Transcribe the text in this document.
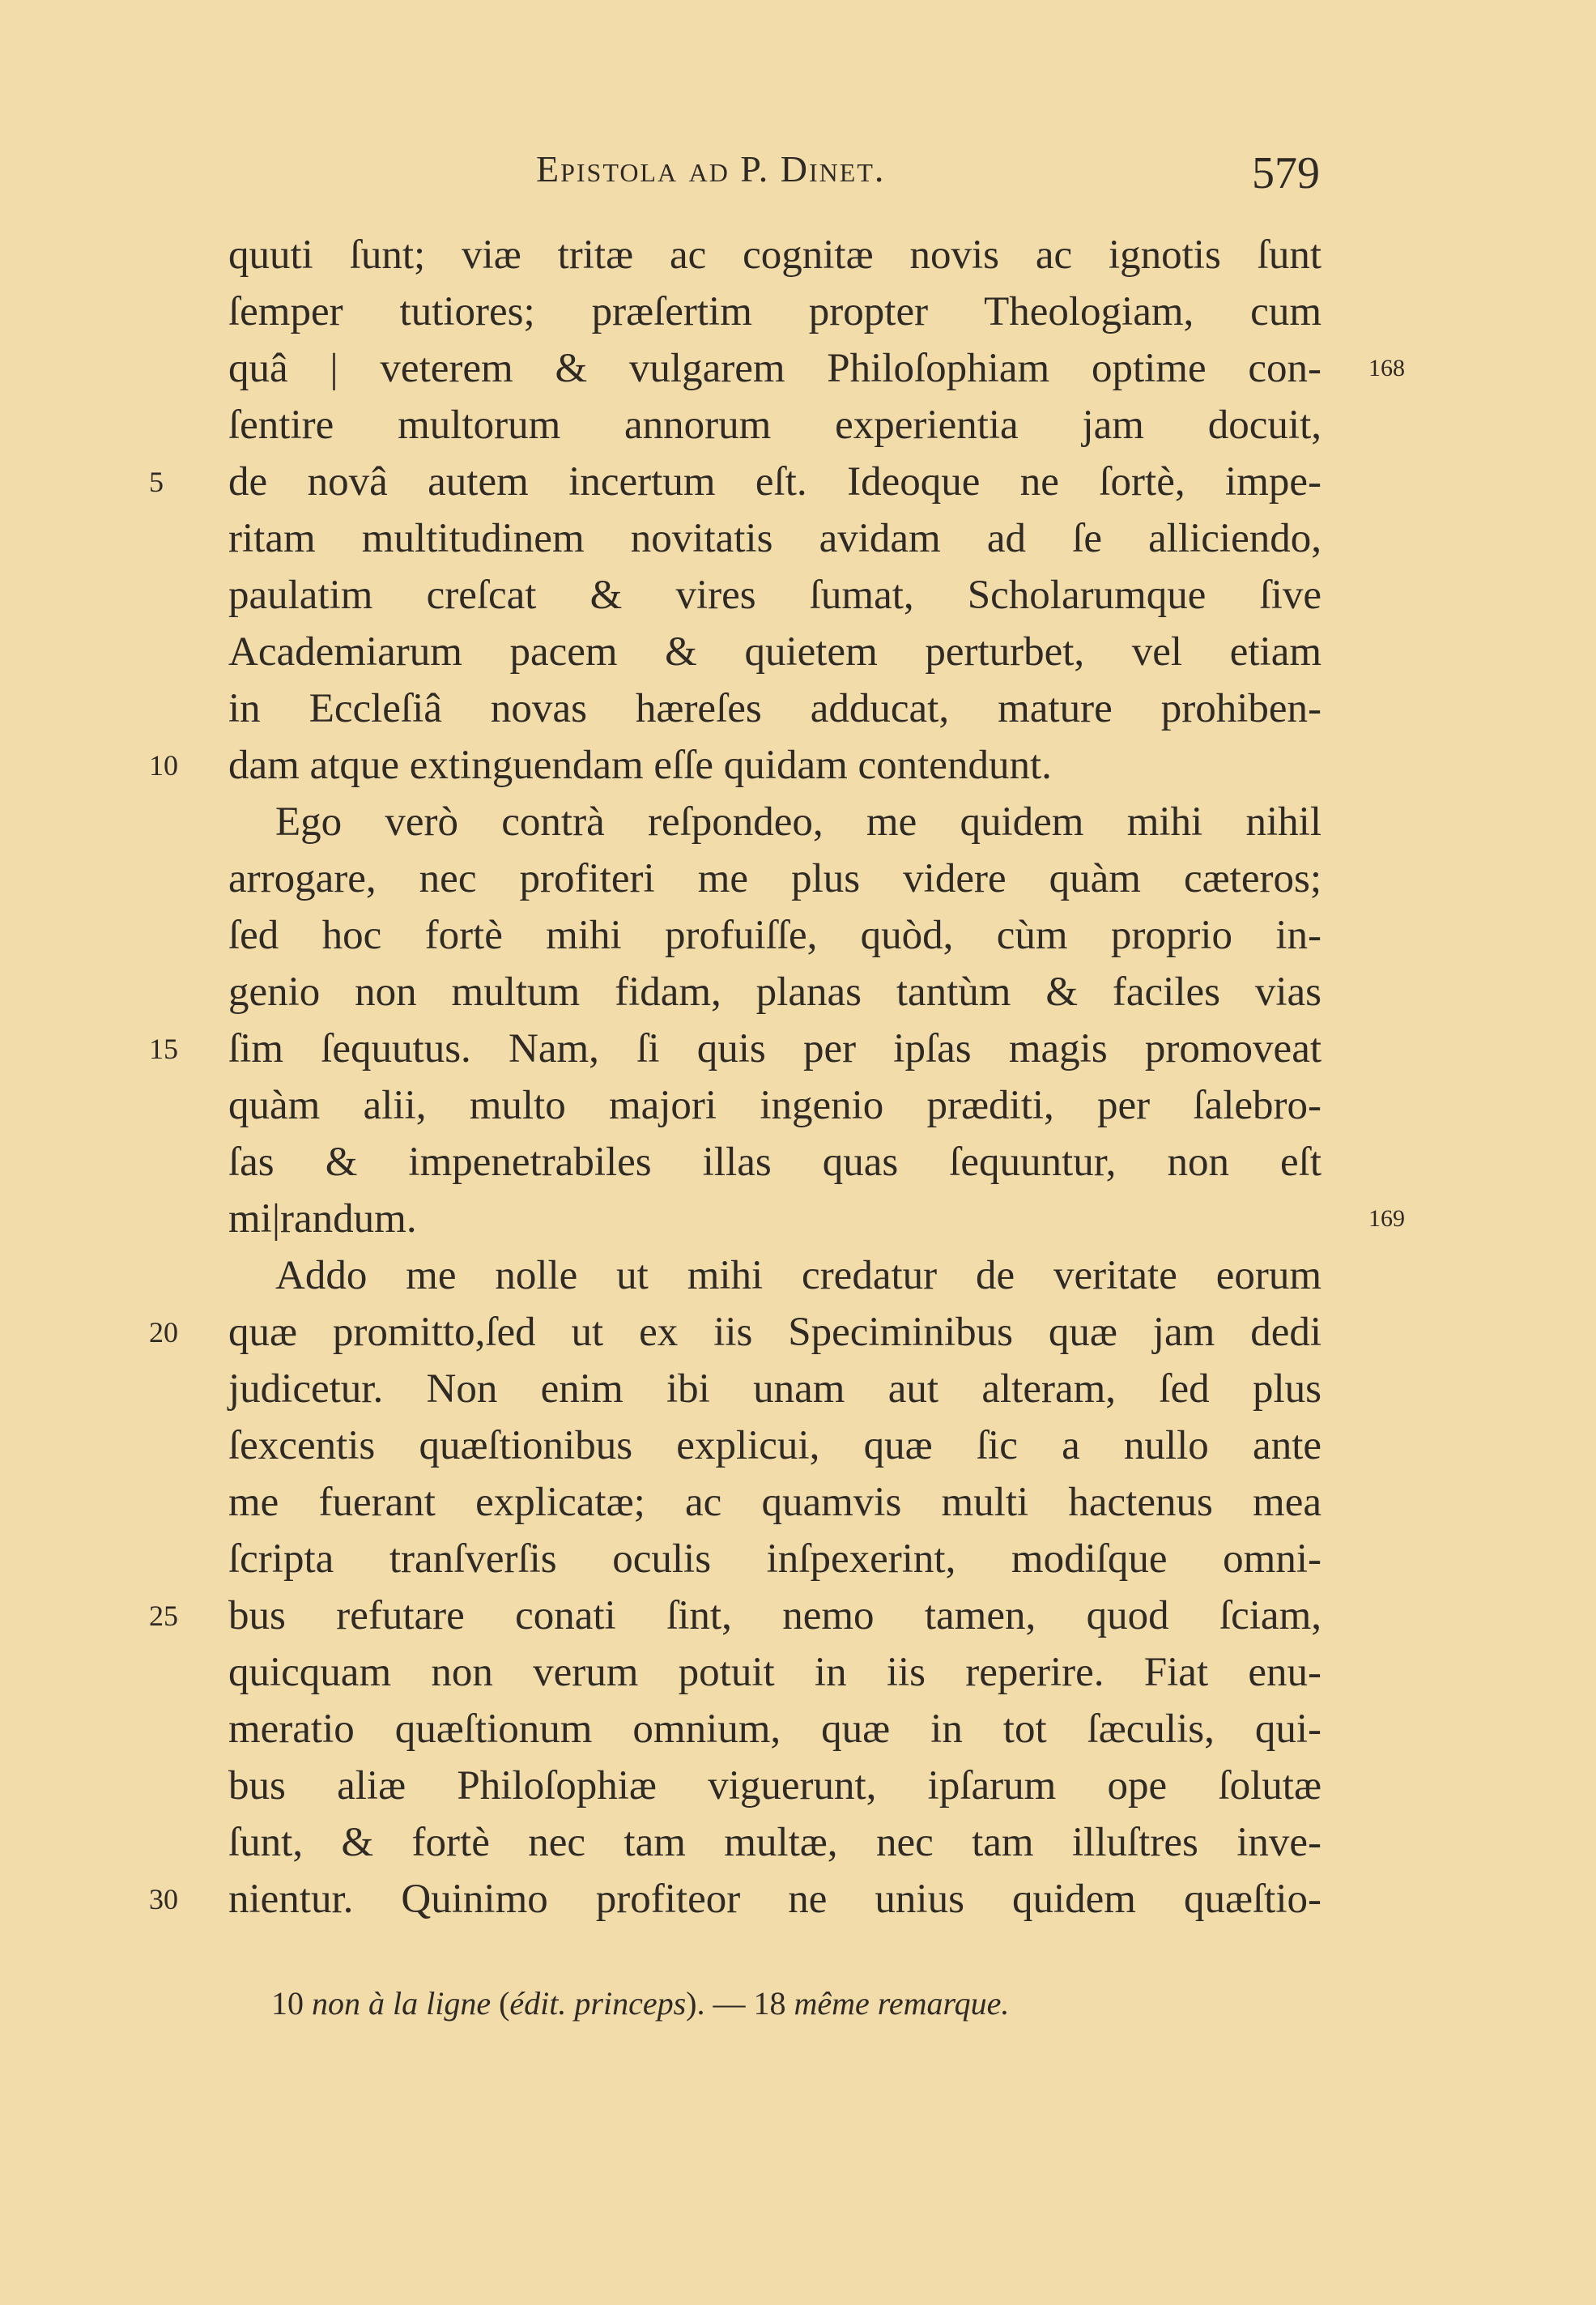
Epistola ad P. Dinet.	579
quuti ſunt; viæ tritæ ac cognitæ novis ac ignotis ſunt
ſemper tutiores; præſertim propter Theologiam, cum
quâ | veterem & vulgarem Philoſophiam optime con-
ſentire multorum annorum experientia jam docuit,
de novâ autem incertum eſt. Ideoque ne ſortè, impe-
ritam multitudinem novitatis avidam ad ſe alliciendo,
paulatim creſcat & vires ſumat, Scholarumque ſive
Academiarum pacem & quietem perturbet, vel etiam
in Eccleſiâ novas hæreſes adducat, mature prohiben-
dam atque extinguendam eſſe quidam contendunt.
Ego verò contrà reſpondeo, me quidem mihi nihil
arrogare, nec profiteri me plus videre quàm cæteros;
ſed hoc fortè mihi profuiſſe, quòd, cùm proprio in-
genio non multum fidam, planas tantùm & faciles vias
ſim ſequutus. Nam, ſi quis per ipſas magis promoveat
quàm alii, multo majori ingenio præditi, per ſalebro-
ſas & impenetrabiles illas quas ſequuntur, non eſt
mi|randum.
Addo me nolle ut mihi credatur de veritate eorum
quæ promitto,ſed ut ex iis Speciminibus quæ jam dedi
judicetur. Non enim ibi unam aut alteram, ſed plus
ſexcentis quæſtionibus explicui, quæ ſic a nullo ante
me fuerant explicatæ; ac quamvis multi hactenus mea
ſcripta tranſverſis oculis inſpexerint, modiſque omni-
bus refutare conati ſint, nemo tamen, quod ſciam,
quicquam non verum potuit in iis reperire. Fiat enu-
meratio quæſtionum omnium, quæ in tot ſæculis, qui-
bus aliæ Philoſophiæ viguerunt, ipſarum ope ſolutæ
ſunt, & fortè nec tam multæ, nec tam illuſtres inve-
nientur. Quinimo profiteor ne unius quidem quæſtio-
5
10
15
20
25
30
168
169
10 non à la ligne (édit. princeps). — 18 même remarque.
